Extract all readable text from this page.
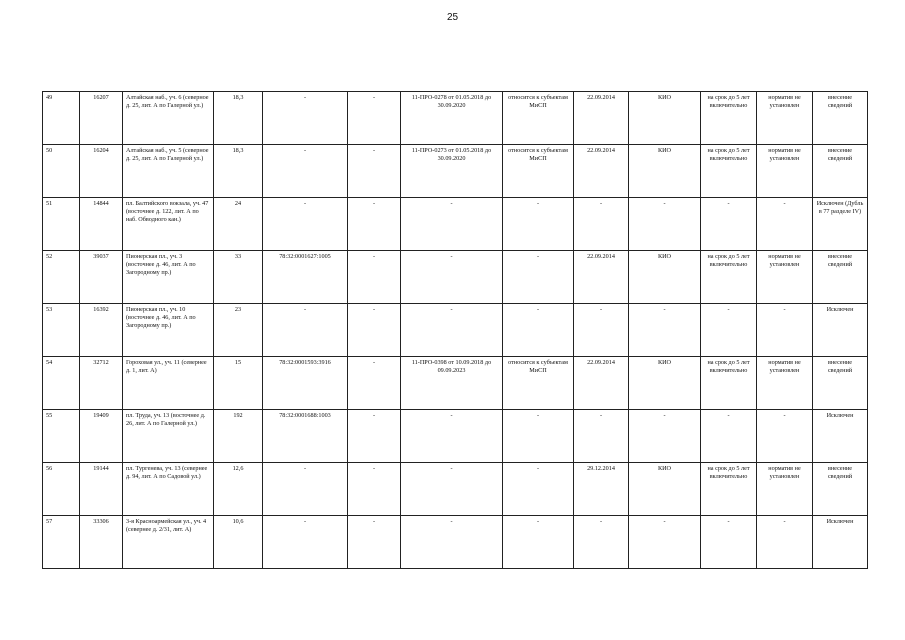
25
49	16207	Алтайская наб., уч. 6 (северное д. 25, лит. А по Галерной ул.)	18,3	-	-	11-ПРО-0278 от 01.05.2018 до 30.09.2020	относится к субъектам МиСП	22.09.2014	КИО	на срок до 5 лет включительно	норматив не установлен	внесение сведений
50	16204	Алтайская наб., уч. 5 (северное д. 25, лит. А по Галерной ул.)	18,3	-	-	11-ПРО-0273 от 01.05.2018 до 30.09.2020	относится к субъектам МиСП	22.09.2014	КИО	на срок до 5 лет включительно	норматив не установлен	внесение сведений
51	14844	пл. Балтийского вокзала, уч. 47 (восточнее д. 122, лит. А по наб. Обводного кан.)	24	-	-	-	-	-	-	-	-	Исключен (Дубль в 77 разделе IV)
52	39037	Пионерская пл., уч. 3 (восточнее д. 46, лит. А по Загородному пр.)	33	78:32:0001627:1005	-	-	-	22.09.2014	КИО	на срок до 5 лет включительно	норматив не установлен	внесение сведений
53	16392	Пионерская пл., уч. 10 (восточнее д. 46, лит. А по Загородному пр.)	23	-	-	-	-	-	-	-	-	Исключен
54	32712	Гороховая ул., уч. 11 (севернее д. 1, лит. А)	15	78:32:0001593:3916	-	11-ПРО-0398 от 10.09.2018 до 09.09.2023	относится к субъектам МиСП	22.09.2014	КИО	на срок до 5 лет включительно	норматив не установлен	внесение сведений
55	19409	пл. Труда, уч. 13 (восточнее д. 26, лит. А по Галерной ул.)	192	78:32:0001688:1003	-	-	-	-	-	-	-	Исключен
56	19144	пл. Тургенева, уч. 13 (севернее д. 94, лит. А по Садовой ул.)	12,6	-	-	-	-	29.12.2014	КИО	на срок до 5 лет включительно	норматив не установлен	внесение сведений
57	33306	3-я Красноармейская ул., уч. 4 (севернее д. 2/31, лит. А)	10,6	-	-	-	-	-	-	-	-	Исключен
